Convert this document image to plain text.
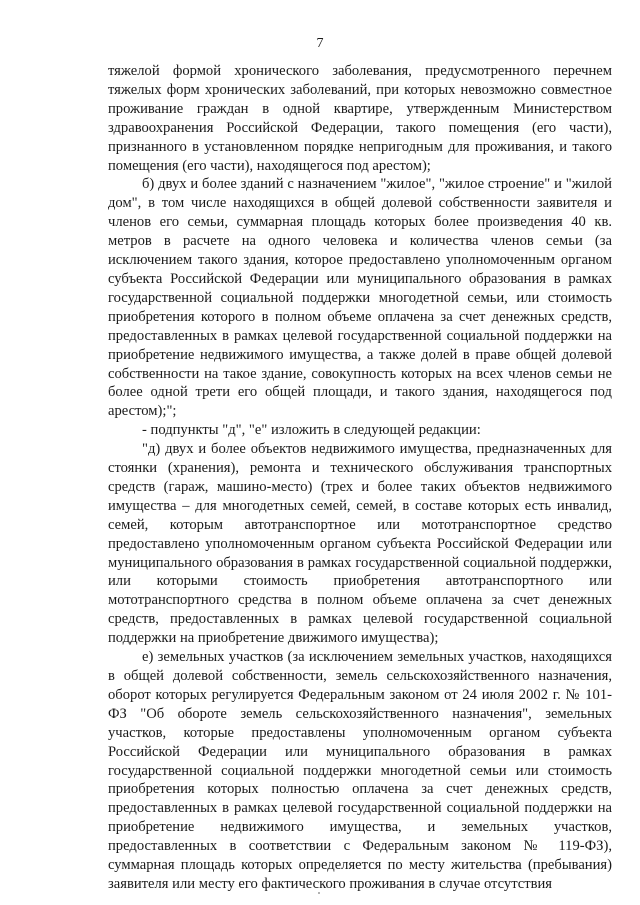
7

тяжелой формой хронического заболевания, предусмотренного перечнем тяжелых форм хронических заболеваний, при которых невозможно совместное проживание граждан в одной квартире, утвержденным Министерством здравоохранения Российской Федерации, такого помещения (его части), признанного в установленном порядке непригодным для проживания, и такого помещения (его части), находящегося под арестом);

б) двух и более зданий с назначением "жилое", "жилое строение" и "жилой дом", в том числе находящихся в общей долевой собственности заявителя и членов его семьи, суммарная площадь которых более произведения 40 кв. метров в расчете на одного человека и количества членов семьи (за исключением такого здания, которое предоставлено уполномоченным органом субъекта Российской Федерации или муниципального образования в рамках государственной социальной поддержки многодетной семьи, или стоимость приобретения которого в полном объеме оплачена за счет денежных средств, предоставленных в рамках целевой государственной социальной поддержки на приобретение недвижимого имущества, а также долей в праве общей долевой собственности на такое здание, совокупность которых на всех членов семьи не более одной трети его общей площади, и такого здания, находящегося под арестом);";

- подпункты "д", "е" изложить в следующей редакции:

"д) двух и более объектов недвижимого имущества, предназначенных для стоянки (хранения), ремонта и технического обслуживания транспортных средств (гараж, машино-место) (трех и более таких объектов недвижимого имущества – для многодетных семей, семей, в составе которых есть инвалид, семей, которым автотранспортное или мототранспортное средство предоставлено уполномоченным органом субъекта Российской Федерации или муниципального образования в рамках государственной социальной поддержки, или которыми стоимость приобретения автотранспортного или мототранспортного средства в полном объеме оплачена за счет денежных средств, предоставленных в рамках целевой государственной социальной поддержки на приобретение движимого имущества);

е) земельных участков (за исключением земельных участков, находящихся в общей долевой собственности, земель сельскохозяйственного назначения, оборот которых регулируется Федеральным законом от 24 июля 2002 г. № 101-ФЗ "Об обороте земель сельскохозяйственного назначения", земельных участков, которые предоставлены уполномоченным органом субъекта Российской Федерации или муниципального образования в рамках государственной социальной поддержки многодетной семьи или стоимость приобретения которых полностью оплачена за счет денежных средств, предоставленных в рамках целевой государственной социальной поддержки на приобретение недвижимого имущества, и земельных участков, предоставленных в соответствии с Федеральным законом № 119-ФЗ), суммарная площадь которых определяется по месту жительства (пребывания) заявителя или месту его фактического проживания в случае отсутствия
